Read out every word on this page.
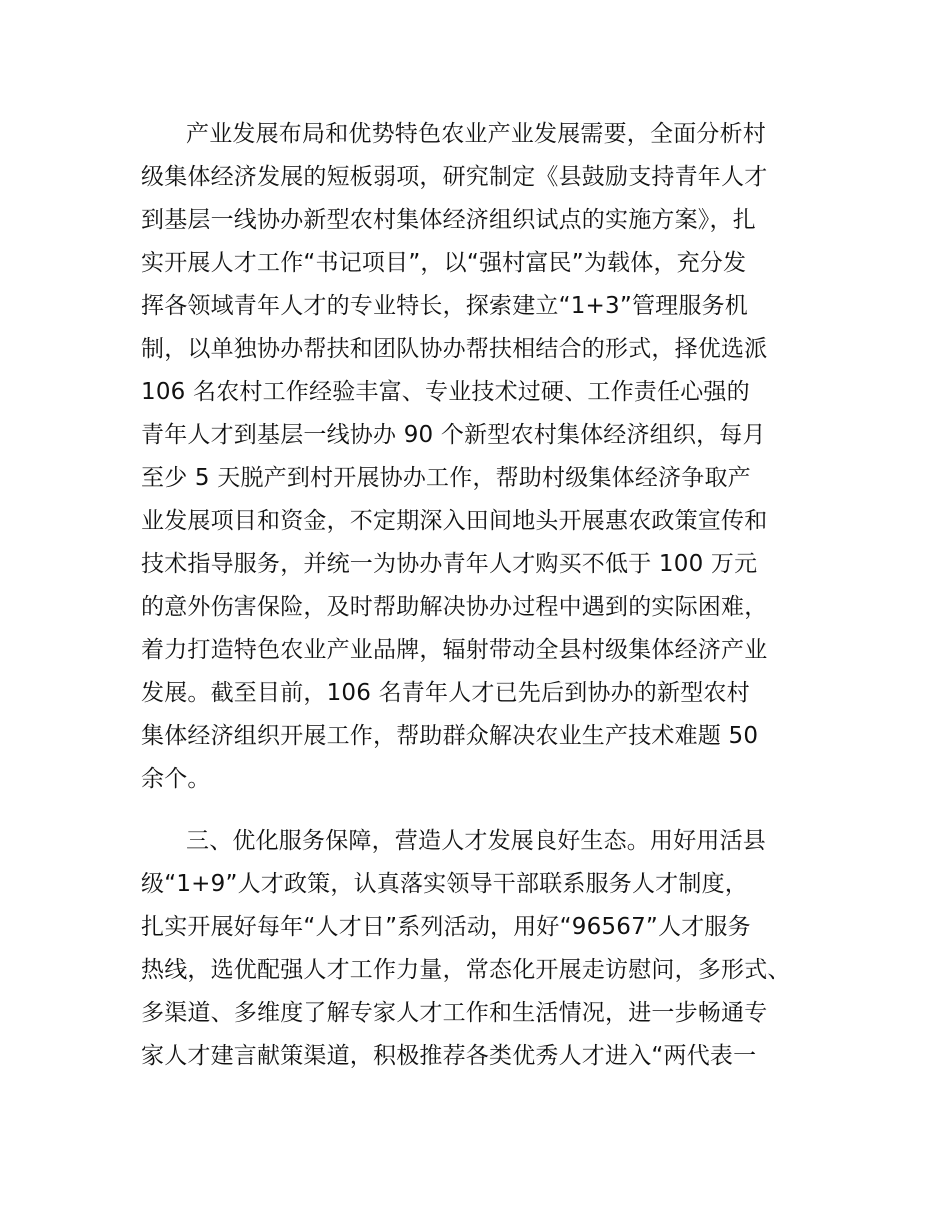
产业发展布局和优势特色农业产业发展需要，全面分析村
级集体经济发展的短板弱项，研究制定《县鼓励支持青年人才
到基层一线协办新型农村集体经济组织试点的实施方案》，扎
实开展人才工作“书记项目”，以“强村富民”为载体，充分发
挥各领域青年人才的专业特长，探索建立“1+3”管理服务机
制，以单独协办帮扶和团队协办帮扶相结合的形式，择优选派
106 名农村工作经验丰富、专业技术过硬、工作责任心强的
青年人才到基层一线协办 90 个新型农村集体经济组织，每月
至少 5 天脱产到村开展协办工作，帮助村级集体经济争取产
业发展项目和资金，不定期深入田间地头开展惠农政策宣传和
技术指导服务，并统一为协办青年人才购买不低于 100 万元
的意外伤害保险，及时帮助解决协办过程中遇到的实际困难，
着力打造特色农业产业品牌，辐射带动全县村级集体经济产业
发展。截至目前，106 名青年人才已先后到协办的新型农村
集体经济组织开展工作，帮助群众解决农业生产技术难题 50
余个。
三、优化服务保障，营造人才发展良好生态。用好用活县
级“1+9”人才政策，认真落实领导干部联系服务人才制度，
扎实开展好每年“人才日”系列活动，用好“96567”人才服务
热线，选优配强人才工作力量，常态化开展走访慰问，多形式、
多渠道、多维度了解专家人才工作和生活情况，进一步畅通专
家人才建言献策渠道，积极推荐各类优秀人才进入“两代表一
